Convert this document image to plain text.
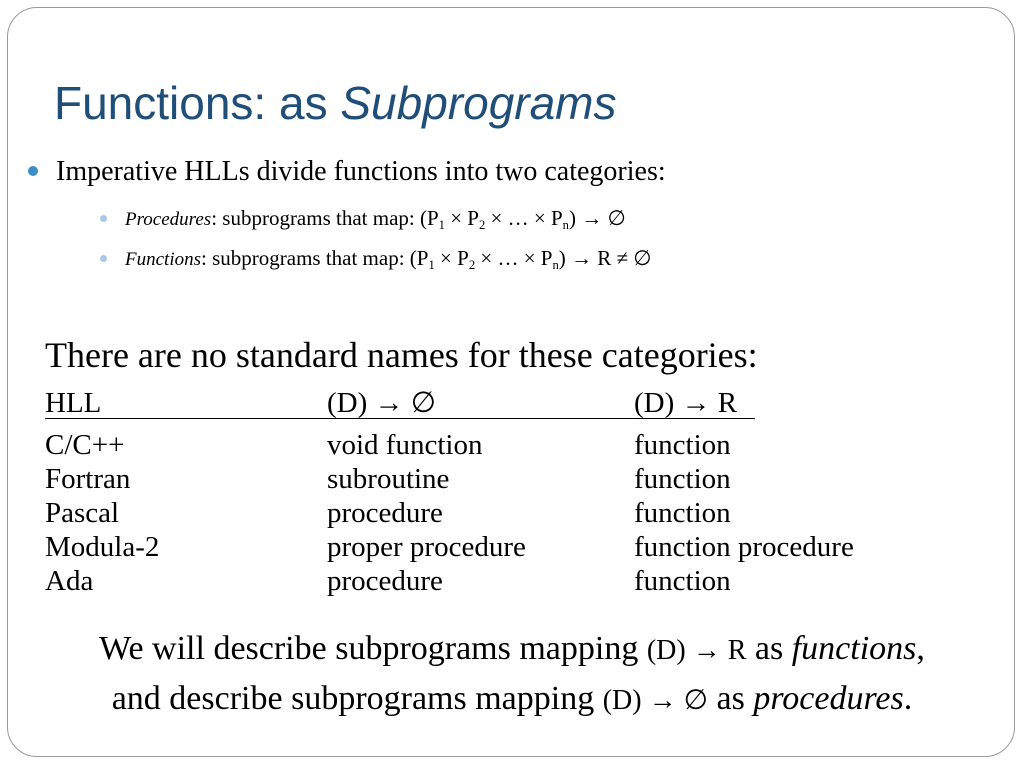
Functions: as Subprograms
Imperative HLLs divide functions into two categories:
Procedures: subprograms that map: ($P_1 \times P_2$ × … × $P_n$) → ∅
Functions: subprograms that map: ($P_1 \times P_2$ × … × $P_n) \to R$ ≠ ∅

There are no standard names for these categories:

HLL	(D) → ∅	(D) → R
C/C++	void function	function
Fortran	subroutine	function
Pascal	procedure	function
Modula-2	proper procedure	function procedure
Ada	procedure	function

We will describe subprograms mapping (D) → R as functions,
and describe subprograms mapping (D) → ∅ as procedures.
